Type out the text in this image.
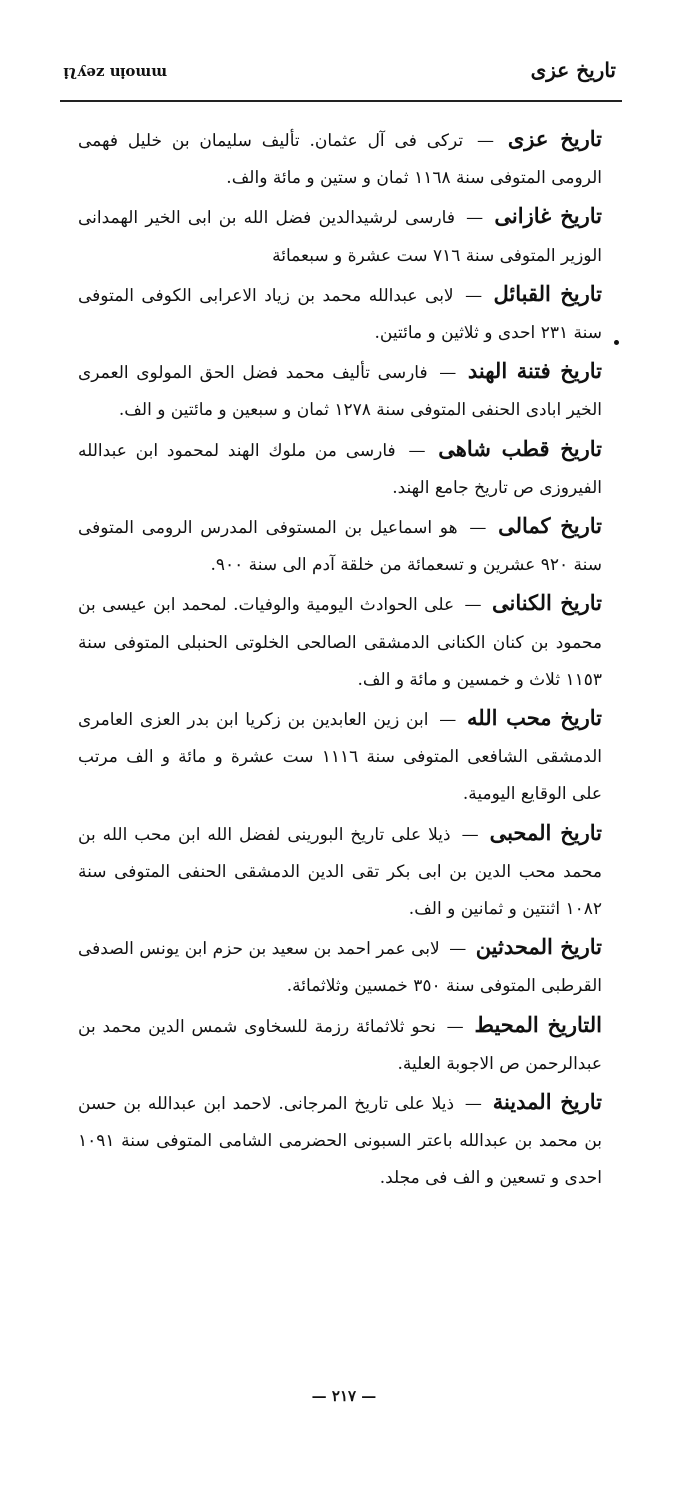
ᴉʅʎǝz uᴉoɯɯ	تاريخ عزى

تاريخ عزى — تركى فى آل عثمان. تأليف سليمان بن خليل فهمى الرومى المتوفى سنة ١١٦٨ ثمان و ستين و مائة والف.

تاريخ غازانى — فارسى لرشيدالدين فضل الله بن ابى الخير الهمدانى الوزير المتوفى سنة ٧١٦ ست عشرة و سبعمائة

تاريخ القبائل — لابى عبدالله محمد بن زياد الاعرابى الكوفى المتوفى سنة ٢٣١ احدى و ثلاثين و مائتين.

تاريخ فتنة الهند — فارسى تأليف محمد فضل الحق المولوى العمرى الخير ابادى الحنفى المتوفى سنة ١٢٧٨ ثمان و سبعين و مائتين و الف.

تاريخ قطب شاهى — فارسى من ملوك الهند لمحمود ابن عبدالله الفيروزى ص تاريخ جامع الهند.

تاريخ كمالى — هو اسماعيل بن المستوفى المدرس الرومى المتوفى سنة ٩٢٠ عشرين و تسعمائة من خلقة آدم الى سنة ٩٠٠.

تاريخ الكنانى — على الحوادث اليومية والوفيات. لمحمد ابن عيسى بن محمود بن كنان الكنانى الدمشقى الصالحى الخلوتى الحنبلى المتوفى سنة ١١٥٣ ثلاث و خمسين و مائة و الف.

تاريخ محب الله — ابن زين العابدين بن زكريا ابن بدر العزى العامرى الدمشقى الشافعى المتوفى سنة ١١١٦ ست عشرة و مائة و الف مرتب على الوقايع اليومية.

تاريخ المحبى — ذيلا على تاريخ البورينى لفضل الله ابن محب الله بن محمد محب الدين بن ابى بكر تقى الدين الدمشقى الحنفى المتوفى سنة ١٠٨٢ اثنتين و ثمانين و الف.

تاريخ المحدثين — لابى عمر احمد بن سعيد بن حزم ابن يونس الصدفى القرطبى المتوفى سنة ٣٥٠ خمسين وثلاثمائة.

التاريخ المحيط — نحو ثلاثمائة رزمة للسخاوى شمس الدين محمد بن عبدالرحمن ص الاجوبة العلية.

تاريخ المدينة — ذيلا على تاريخ المرجانى. لاحمد ابن عبدالله بن حسن بن محمد بن عبدالله باعتر السبونى الحضرمى الشامى المتوفى سنة ١٠٩١ احدى و تسعين و الف فى مجلد.

— ٢١٧ —
